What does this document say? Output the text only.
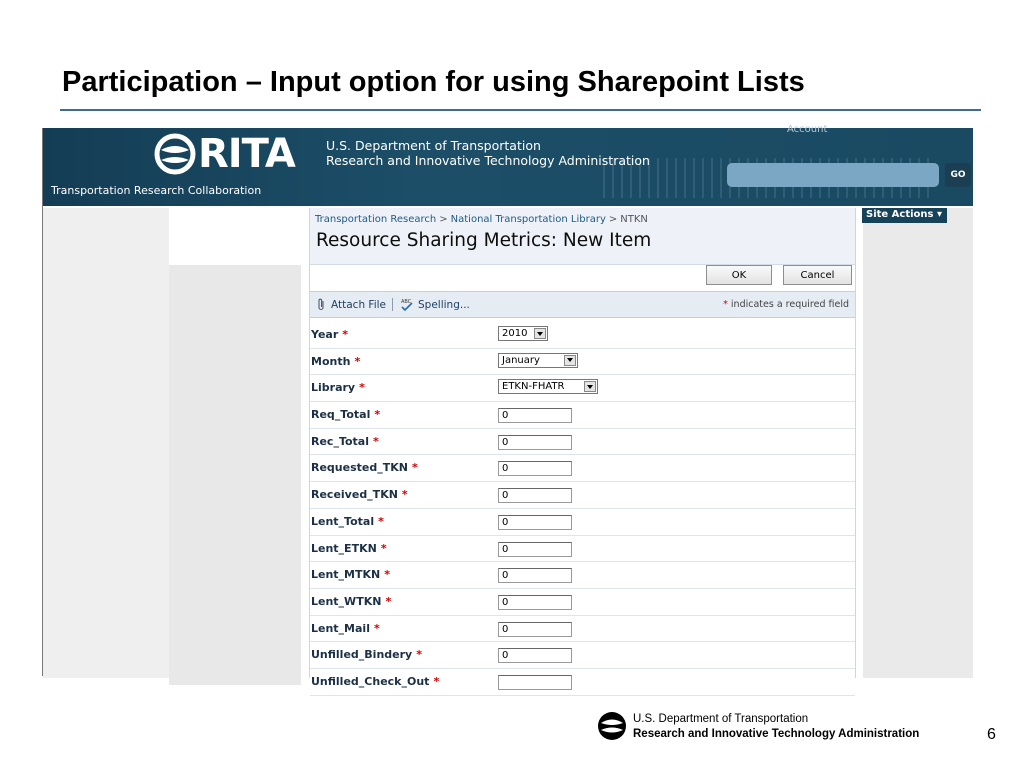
Participation – Input option for using Sharepoint Lists
RITA U.S. Department of Transportation
Research and Innovative Technology Administration
Account
Transportation Research Collaboration
GO
Site Actions ▾
Transportation Research > National Transportation Library > NTKN
Resource Sharing Metrics: New Item
OK	Cancel
Attach File	ABC Spelling...	* indicates a required field
Year *	2010
Month *	January
Library *	ETKN-FHATR
Req_Total *	0
Rec_Total *	0
Requested_TKN *	0
Received_TKN *	0
Lent_Total *	0
Lent_ETKN *	0
Lent_MTKN *	0
Lent_WTKN *	0
Lent_Mail *	0
Unfilled_Bindery *	0
Unfilled_Check_Out *
U.S. Department of Transportation
Research and Innovative Technology Administration	6
